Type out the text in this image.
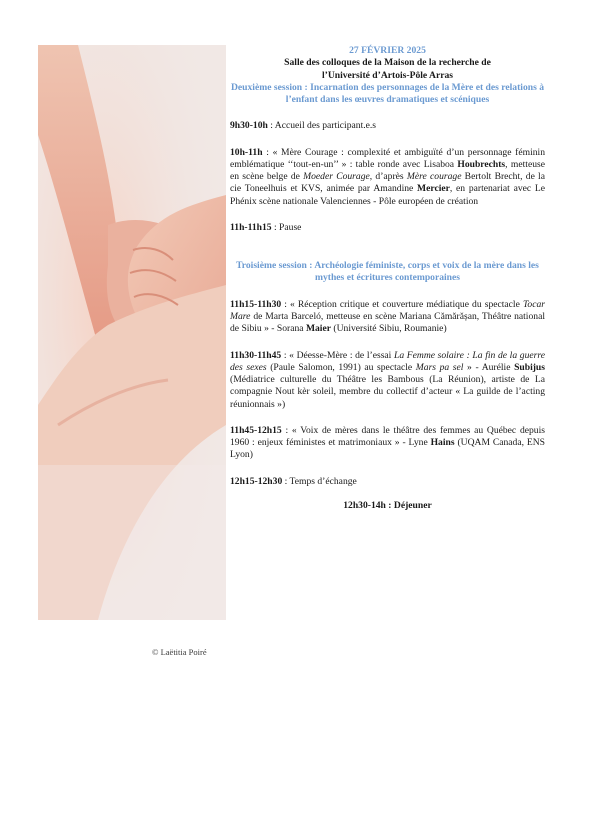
© Laëtitia Poiré
27 FÉVRIER 2025
Salle des colloques de la Maison de la recherche de
l’Université d’Artois-Pôle Arras
Deuxième session : Incarnation des personnages de la Mère et des relations à l’enfant dans les œuvres dramatiques et scéniques
9h30-10h : Accueil des participant.e.s
10h-11h : « Mère Courage : complexité et ambiguïté d’un personnage féminin emblématique ‘‘tout-en-un’’ » : table ronde avec Lisaboa Houbrechts, metteuse en scène belge de Moeder Courage, d’après Mère courage Bertolt Brecht, de la cie Toneelhuis et KVS, animée par Amandine Mercier, en partenariat avec Le Phénix scène nationale Valenciennes - Pôle européen de création
11h-11h15 : Pause
Troisième session : Archéologie féministe, corps et voix de la mère dans les mythes et écritures contemporaines
11h15-11h30 : « Réception critique et couverture médiatique du spectacle Tocar Mare de Marta Barceló, metteuse en scène Mariana Cămărășan, Théâtre national de Sibiu » - Sorana Maier (Université Sibiu, Roumanie)
11h30-11h45 : « Déesse-Mère : de l’essai La Femme solaire : La fin de la guerre des sexes (Paule Salomon, 1991) au spectacle Mars pa sel » - Aurélie Subijus (Médiatrice culturelle du Théâtre les Bambous (La Réunion), artiste de La compagnie Nout kèr soleil, membre du collectif d’acteur « La guilde de l’acting réunionnais »)
11h45-12h15 : « Voix de mères dans le théâtre des femmes au Québec depuis 1960 : enjeux féministes et matrimoniaux » - Lyne Hains (UQAM Canada, ENS Lyon)
12h15-12h30 : Temps d’échange
12h30-14h : Déjeuner
